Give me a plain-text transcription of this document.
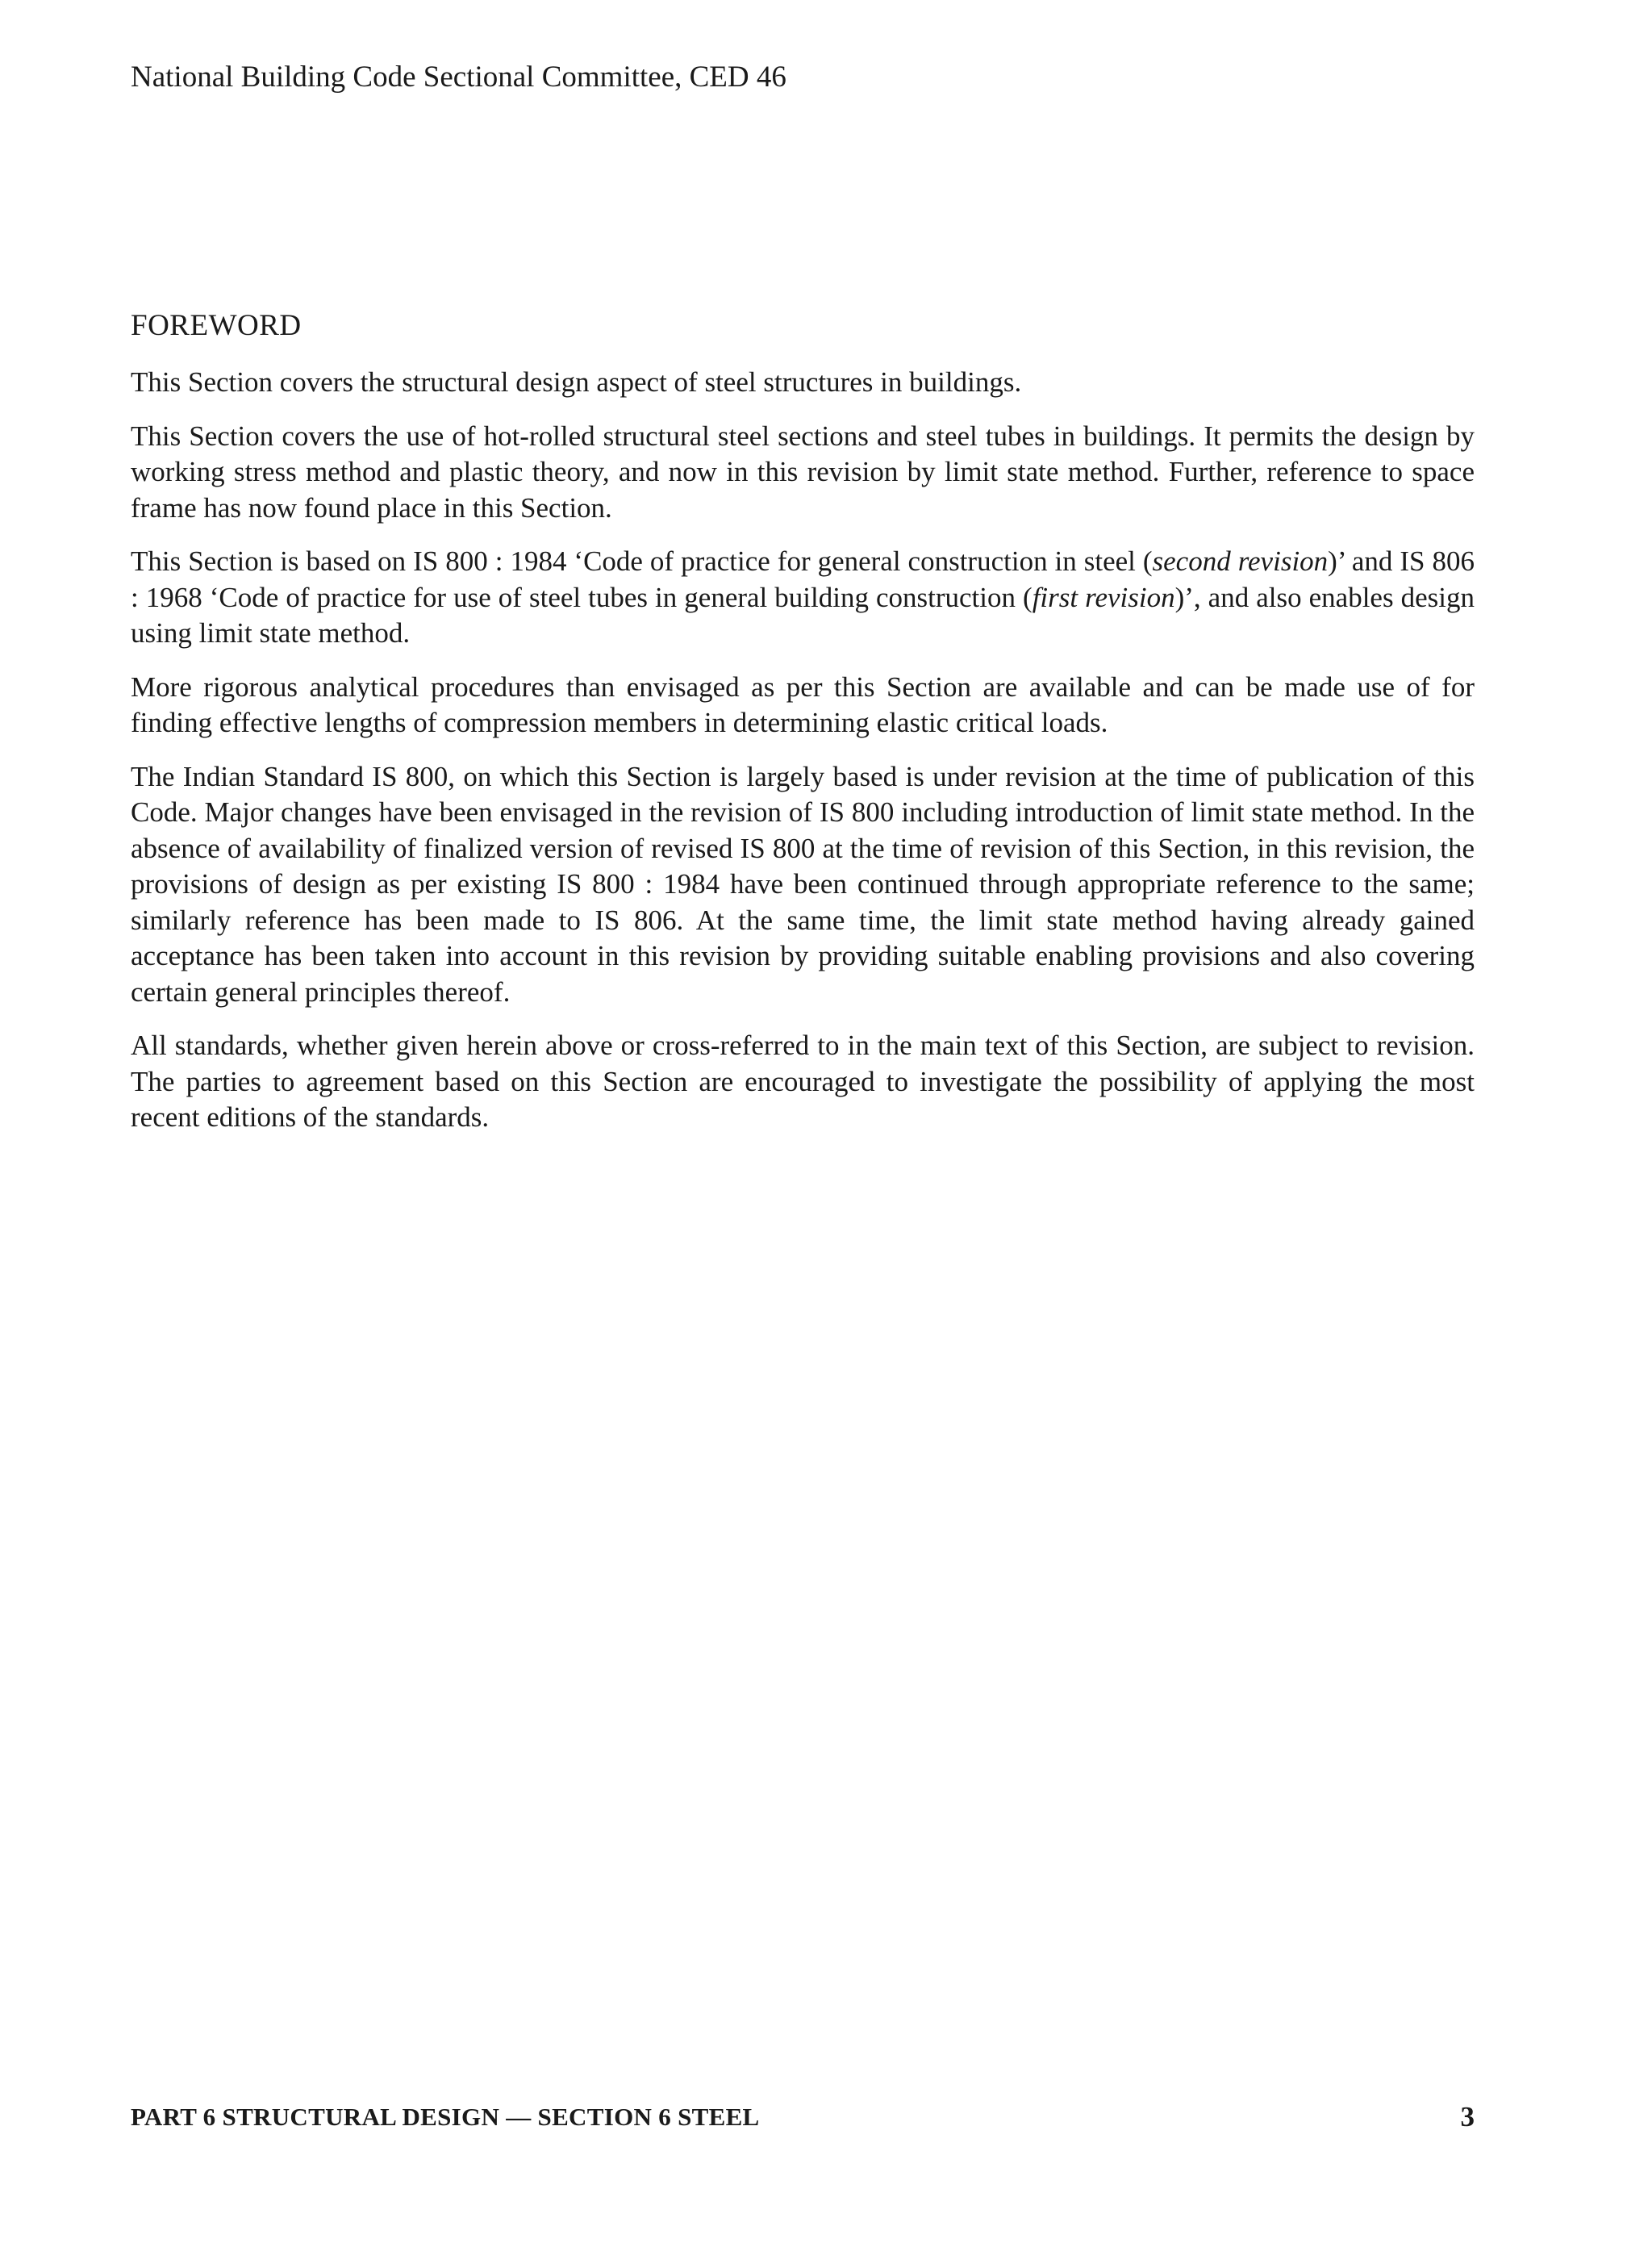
National Building Code Sectional Committee, CED 46
FOREWORD

This Section covers the structural design aspect of steel structures in buildings.

This Section covers the use of hot-rolled structural steel sections and steel tubes in buildings. It permits the design by working stress method and plastic theory, and now in this revision by limit state method. Further, reference to space frame has now found place in this Section.

This Section is based on IS 800 : 1984 ‘Code of practice for general construction in steel (second revision)’ and IS 806 : 1968 ‘Code of practice for use of steel tubes in general building construction (first revision)’, and also enables design using limit state method.

More rigorous analytical procedures than envisaged as per this Section are available and can be made use of for finding effective lengths of compression members in determining elastic critical loads.

The Indian Standard IS 800, on which this Section is largely based is under revision at the time of publication of this Code. Major changes have been envisaged in the revision of IS 800 including introduction of limit state method. In the absence of availability of finalized version of revised IS 800 at the time of revision of this Section, in this revision, the provisions of design as per existing IS 800 : 1984 have been continued through appropriate reference to the same; similarly reference has been made to IS 806. At the same time, the limit state method having already gained acceptance has been taken into account in this revision by providing suitable enabling provisions and also covering certain general principles thereof.

All standards, whether given herein above or cross-referred to in the main text of this Section, are subject to revision. The parties to agreement based on this Section are encouraged to investigate the possibility of applying the most recent editions of the standards.

PART 6 STRUCTURAL DESIGN — SECTION 6 STEEL	3
